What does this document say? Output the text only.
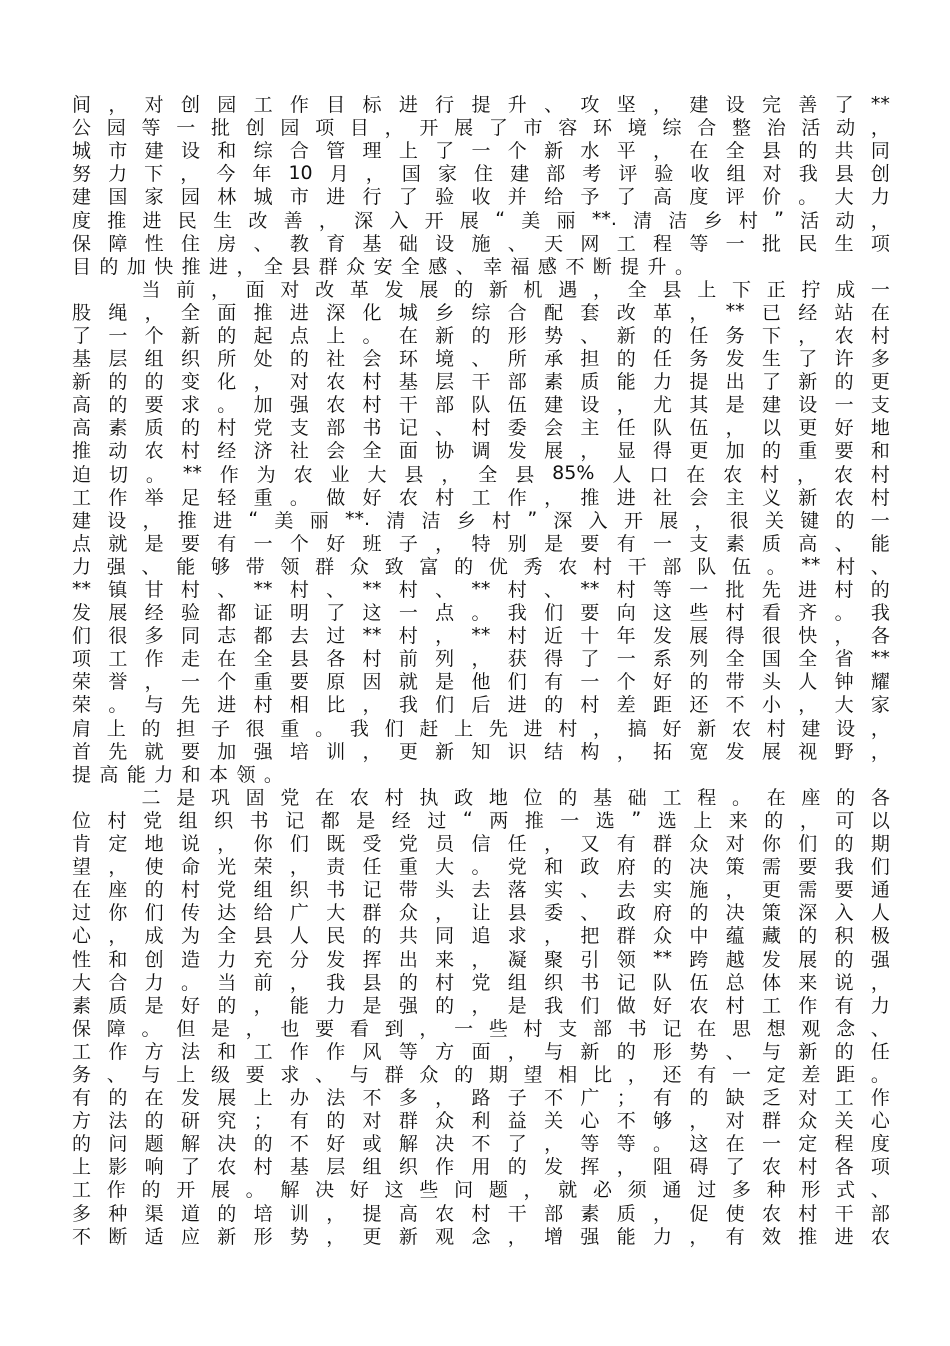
间 ， 对 创 园 工 作 目 标 进 行 提 升 、 攻 坚 ， 建 设 完 善 了 **
公 园 等 一 批 创 园 项 目 ， 开 展 了 市 容 环 境 综 合 整 治 活 动 ，
城 市 建 设 和 综 合 管 理 上 了 一 个 新 水 平 ， 在 全 县 的 共 同
努 力 下 ， 今 年 10 月 ， 国 家 住 建 部 考 评 验 收 组 对 我 县 创
建 国 家 园 林 城 市 进 行 了 验 收 并 给 予 了 高 度 评 价 。 大 力
度 推 进 民 生 改 善 ， 深 入 开 展 “ 美 丽 **. 清 洁 乡 村 ” 活 动 ，
保 障 性 住 房 、 教 育 基 础 设 施 、 天 网 工 程 等 一 批 民 生 项
目 的 加 快 推 进 ， 全 县 群 众 安 全 感 、 幸 福 感 不 断 提 升 。

当 前 ， 面 对 改 革 发 展 的 新 机 遇 ， 全 县 上 下 正 拧 成 一
股 绳 ， 全 面 推 进 深 化 城 乡 综 合 配 套 改 革 ， ** 已 经 站 在
了 一 个 新 的 起 点 上 。 在 新 的 形 势 、 新 的 任 务 下 ， 农 村
基 层 组 织 所 处 的 社 会 环 境 、 所 承 担 的 任 务 发 生 了 许 多
新 的 的 变 化 ， 对 农 村 基 层 干 部 素 质 能 力 提 出 了 新 的 更
高 的 要 求 。 加 强 农 村 干 部 队 伍 建 设 ， 尤 其 是 建 设 一 支
高 素 质 的 村 党 支 部 书 记 、 村 委 会 主 任 队 伍 ， 以 更 好 地
推 动 农 村 经 济 社 会 全 面 协 调 发 展 ， 显 得 更 加 的 重 要 和
迫 切 。 ** 作 为 农 业 大 县 ， 全 县 85% 人 口 在 农 村 ， 农 村
工 作 举 足 轻 重 。 做 好 农 村 工 作 ， 推 进 社 会 主 义 新 农 村
建 设 ， 推 进 “ 美 丽 **. 清 洁 乡 村 ” 深 入 开 展 ， 很 关 键 的 一
点 就 是 要 有 一 个 好 班 子 ， 特 别 是 要 有 一 支 素 质 高 、 能
力 强 、 能 够 带 领 群 众 致 富 的 优 秀 农 村 干 部 队 伍 。 ** 村 、
** 镇 甘 村 、 ** 村 、 ** 村 、 ** 村 、 ** 村 等 一 批 先 进 村 的
发 展 经 验 都 证 明 了 这 一 点 。 我 们 要 向 这 些 村 看 齐 。 我
们 很 多 同 志 都 去 过 ** 村 ， ** 村 近 十 年 发 展 得 很 快 ， 各
项 工 作 走 在 全 县 各 村 前 列 ， 获 得 了 一 系 列 全 国 全 省 **
荣 誉 ， 一 个 重 要 原 因 就 是 他 们 有 一 个 好 的 带 头 人 钟 耀
荣 。 与 先 进 村 相 比 ， 我 们 后 进 的 村 差 距 还 不 小 ， 大 家
肩 上 的 担 子 很 重 。 我 们 赶 上 先 进 村 ， 搞 好 新 农 村 建 设 ，
首 先 就 要 加 强 培 训 ， 更 新 知 识 结 构 ， 拓 宽 发 展 视 野 ，
提 高 能 力 和 本 领 。

二 是 巩 固 党 在 农 村 执 政 地 位 的 基 础 工 程 。 在 座 的 各
位 村 党 组 织 书 记 都 是 经 过 “ 两 推 一 选 ” 选 上 来 的 ， 可 以
肯 定 地 说 ， 你 们 既 受 党 员 信 任 ， 又 有 群 众 对 你 们 的 期
望 ， 使 命 光 荣 ， 责 任 重 大 。 党 和 政 府 的 决 策 需 要 我 们
在 座 的 村 党 组 织 书 记 带 头 去 落 实 、 去 实 施 ， 更 需 要 通
过 你 们 传 达 给 广 大 群 众 ， 让 县 委 、 政 府 的 决 策 深 入 人
心 ， 成 为 全 县 人 民 的 共 同 追 求 ， 把 群 众 中 蕴 藏 的 积 极
性 和 创 造 力 充 分 发 挥 出 来 ， 凝 聚 引 领 ** 跨 越 发 展 的 强
大 合 力 。 当 前 ， 我 县 的 村 党 组 织 书 记 队 伍 总 体 来 说 ，
素 质 是 好 的 ， 能 力 是 强 的 ， 是 我 们 做 好 农 村 工 作 有 力
保 障 。 但 是 ， 也 要 看 到 ， 一 些 村 支 部 书 记 在 思 想 观 念 、
工 作 方 法 和 工 作 作 风 等 方 面 ， 与 新 的 形 势 、 与 新 的 任
务 、 与 上 级 要 求 、 与 群 众 的 期 望 相 比 ， 还 有 一 定 差 距 。
有 的 在 发 展 上 办 法 不 多 ， 路 子 不 广 ； 有 的 缺 乏 对 工 作
方 法 的 研 究 ； 有 的 对 群 众 利 益 关 心 不 够 ， 对 群 众 关 心
的 问 题 解 决 的 不 好 或 解 决 不 了 ， 等 等 。 这 在 一 定 程 度
上 影 响 了 农 村 基 层 组 织 作 用 的 发 挥 ， 阻 碍 了 农 村 各 项
工 作 的 开 展 。 解 决 好 这 些 问 题 ， 就 必 须 通 过 多 种 形 式 、
多 种 渠 道 的 培 训 ， 提 高 农 村 干 部 素 质 ， 促 使 农 村 干 部
不 断 适 应 新 形 势 ， 更 新 观 念 ， 增 强 能 力 ， 有 效 推 进 农
